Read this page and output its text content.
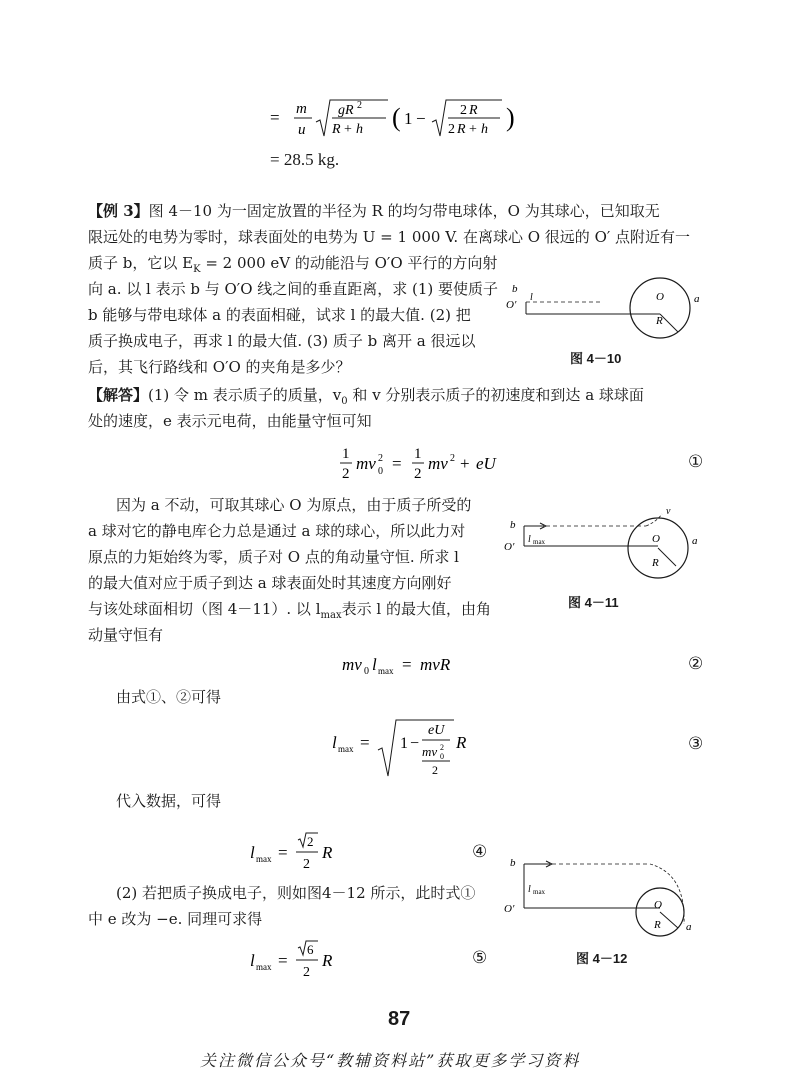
= m
u
gR 2
R + h ( 1 − 2 R
2 R + h )
= 28.5 kg.
【例 3】图 4－10 为一固定放置的半径为 R 的均匀带电球体，O 为其球心，已知取无
限远处的电势为零时，球表面处的电势为 U = 1 000 V. 在离球心 O 很远的 O′ 点附近有一
质子 b，它以 $E_K = 2$ 000 eV 的动能沿与 O′O 平行的方向射
向 a. 以 l 表示 b 与 O′O 线之间的垂直距离，求 (1) 要使质子
b 能够与带电球体 a 的表面相碰，试求 l 的最大值. (2) 把
质子换成电子，再求 l 的最大值. (3) 质子 b 离开 a 很远以
后，其飞行路线和 O′O 的夹角是多少？
b
O′
l	O
R
a
图 4－10
【解答】(1) 令 m 表示质子的质量，$v_0$ 和 v 分别表示质子的初速度和到达 a 球球面
处的速度，e 表示元电荷，由能量守恒可知
1
2
mv 2
0 = 1
2
mv 2 + eU	①
因为 a 不动，可取其球心 O 为原点，由于质子所受的
a 球对它的静电库仑力总是通过 a 球的球心，所以此力对
原点的力矩始终为零，质子对 O 点的角动量守恒. 所求 l
的最大值对应于质子到达 a 球表面处时其速度方向刚好
与该处球面相切（图 4－11）. 以 $l_{max}$表示 l 的最大值，由角
动量守恒有
b
O′
l max	O
R
a
v
图 4－11
mv 0 l max = mvR	②
由式①、②可得
l max = 1 −
eU
mv 2
0
2
R	③
代入数据，可得
l max =
2
2
R	④
(2) 若把质子换成电子，则如图4－12 所示，此时式①
中 e 改为 −e. 同理可求得
l max =
6
2
R	⑤
b
O′
l max
O
R a
图 4－12
87
关注微信公众号“教辅资料站”获取更多学习资料
